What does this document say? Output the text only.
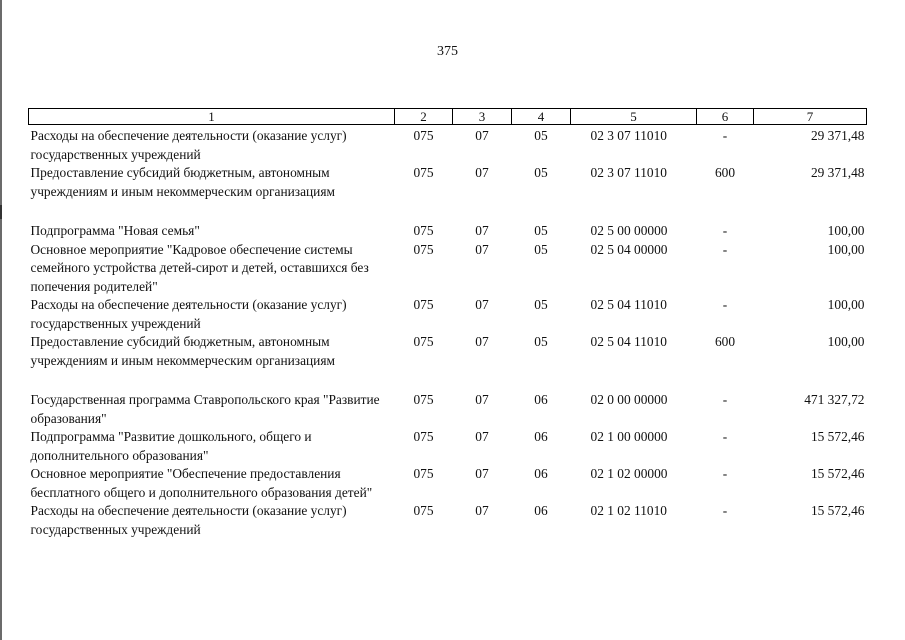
375
1	2	3	4	5	6	7
Расходы на обеспечение деятельности (оказание услуг) государственных учреждений	075	07	05	02 3 07 11010	-	29 371,48
Предоставление субсидий бюджетным, автономным учреждениям и иным некоммерческим организациям	075	07	05	02 3 07 11010	600	29 371,48
Подпрограмма "Новая семья"	075	07	05	02 5 00 00000	-	100,00
Основное мероприятие "Кадровое обеспечение системы семейного устройства детей-сирот и детей, оставшихся без попечения родителей"	075	07	05	02 5 04 00000	-	100,00
Расходы на обеспечение деятельности (оказание услуг) государственных учреждений	075	07	05	02 5 04 11010	-	100,00
Предоставление субсидий бюджетным, автономным учреждениям и иным некоммерческим организациям	075	07	05	02 5 04 11010	600	100,00
Государственная программа Ставропольского края "Развитие образования"	075	07	06	02 0 00 00000	-	471 327,72
Подпрограмма "Развитие дошкольного, общего и дополнительного образования"	075	07	06	02 1 00 00000	-	15 572,46
Основное мероприятие "Обеспечение предоставления бесплатного общего и дополнительного образования детей"	075	07	06	02 1 02 00000	-	15 572,46
Расходы на обеспечение деятельности (оказание услуг) государственных учреждений	075	07	06	02 1 02 11010	-	15 572,46
